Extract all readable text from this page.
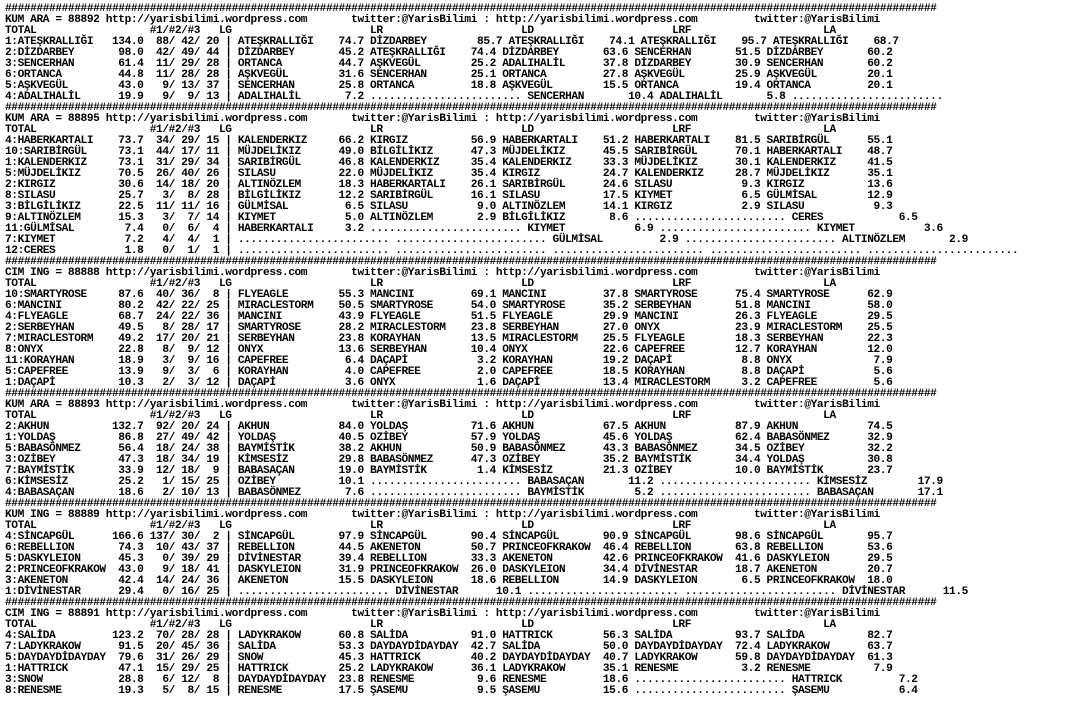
####################################################################################################################################################
KUM ARA = 88892 http://yarisbilimi.wordpress.com       twitter:@YarisBilimi : http://yarisbilimi.wordpress.com         twitter:@YarisBilimi
TOTAL                  #1/#2/#3   LG                      LR                      LD                      LRF                     LA
1:ATEŞKRALLIĞI   134.0  88/ 42/ 20 | ATEŞKRALLIĞI    74.7 DİZDARBEY        85.7 ATEŞKRALLIĞI    74.1 ATEŞKRALLIĞI    95.7 ATEŞKRALLIĞI    68.7
2:DİZDARBEY       98.0  42/ 49/ 44 | DİZDARBEY       45.2 ATEŞKRALLIĞI    74.4 DİZDARBEY       63.6 SENCERHAN       51.5 DİZDARBEY       60.2
3:SENCERHAN       61.4  11/ 29/ 28 | ORTANCA         44.7 AŞKVEGÜL        25.2 ADALIHALİL      37.8 DİZDARBEY       30.9 SENCERHAN       60.2
6:ORTANCA         44.8  11/ 28/ 28 | AŞKVEGÜL        31.6 SENCERHAN       25.1 ORTANCA         27.8 AŞKVEGÜL        25.9 AŞKVEGÜL        20.1
5:AŞKVEGÜL        43.0   9/ 13/ 37 | SENCERHAN       25.8 ORTANCA         18.8 AŞKVEGÜL        15.5 ORTANCA         19.4 ORTANCA         20.1
4:ADALIHALİL      19.9   9/  9/ 13 | ADALIHALİL       7.2 ........................ SENCERHAN       10.4 ADALIHALİL       5.8 ........................
####################################################################################################################################################
KUM ARA = 88895 http://yarisbilimi.wordpress.com       twitter:@YarisBilimi : http://yarisbilimi.wordpress.com         twitter:@YarisBilimi
TOTAL                  #1/#2/#3   LG                      LR                      LD                      LRF                     LA
4:HABERKARTALI    73.7  34/ 29/ 15 | KALENDERKIZ     66.2 KIRGIZ          56.9 HABERKARTALI    51.2 HABERKARTALI    81.5 SARIBİRGÜL      55.1
10:SARIBİRGÜL     73.1  44/ 17/ 11 | MÜJDELİKIZ      49.0 BİLGİLİKIZ      47.3 MÜJDELİKIZ      45.5 SARIBİRGÜL      70.1 HABERKARTALI    48.7
1:KALENDERKIZ     73.1  31/ 29/ 34 | SARIBİRGÜL      46.8 KALENDERKIZ     35.4 KALENDERKIZ     33.3 MÜJDELİKIZ      30.1 KALENDERKIZ     41.5
5:MÜJDELİKIZ      70.5  26/ 40/ 26 | SILASU          22.0 MÜJDELİKIZ      35.4 KIRGIZ          24.7 KALENDERKIZ     28.7 MÜJDELİKIZ      35.1
2:KIRGIZ          30.6  14/ 18/ 20 | ALTINÖZLEM      18.3 HABERKARTALI    26.1 SARIBİRGÜL      24.6 SILASU           9.3 KIRGIZ          13.6
8:SILASU          25.7   3/  8/ 28 | BİLGİLİKIZ      12.2 SARIBİRGÜL      16.1 SILASU          17.5 KIYMET           6.5 GÜLMİSAL        12.9
3:BİLGİLİKIZ      22.5  11/ 11/ 16 | GÜLMİSAL         6.5 SILASU           9.0 ALTINÖZLEM      14.1 KIRGIZ           2.9 SILASU           9.3
9:ALTINÖZLEM      15.3   3/  7/ 14 | KIYMET           5.0 ALTINÖZLEM       2.9 BİLGİLİKIZ       8.6 ........................ CERES            6.5
11:GÜLMİSAL        7.4   0/  6/  4 | HABERKARTALI     3.2 ........................ KIYMET           6.9 ........................ KIYMET           3.6
7:KIYMET           7.2   4/  4/  1 | ........................ ........................ GÜLMİSAL         2.9 ........................ ALTINÖZLEM       2.9
12:CERES           1.8   0/  1/  1 | ........................ ........................ ........................ ........................ ........................
####################################################################################################################################################
CIM ING = 88888 http://yarisbilimi.wordpress.com       twitter:@YarisBilimi : http://yarisbilimi.wordpress.com         twitter:@YarisBilimi
TOTAL                  #1/#2/#3   LG                      LR                      LD                      LRF                     LA
10:SMARTYROSE     87.6  40/ 36/  8 | FLYEAGLE        55.3 MANCINI         69.1 MANCINI         37.8 SMARTYROSE      75.4 SMARTYROSE      62.9
6:MANCINI         80.2  42/ 22/ 25 | MIRACLESTORM    50.5 SMARTYROSE      54.0 SMARTYROSE      35.2 SERBEYHAN       51.8 MANCINI         58.0
4:FLYEAGLE        68.7  24/ 22/ 36 | MANCINI         43.9 FLYEAGLE        51.5 FLYEAGLE        29.9 MANCINI         26.3 FLYEAGLE        29.5
2:SERBEYHAN       49.5   8/ 28/ 17 | SMARTYROSE      28.2 MIRACLESTORM    23.8 SERBEYHAN       27.0 ONYX            23.9 MIRACLESTORM    25.5
7:MIRACLESTORM    49.2  17/ 20/ 21 | SERBEYHAN       23.8 KORAYHAN        13.5 MIRACLESTORM    25.5 FLYEAGLE        18.3 SERBEYHAN       22.3
8:ONYX            22.8   8/  9/ 12 | ONYX            13.6 SERBEYHAN       10.4 ONYX            22.6 CAPEFREE        12.7 KORAYHAN        12.0
11:KORAYHAN       18.9   3/  9/ 16 | CAPEFREE         6.4 DAÇAPİ           3.2 KORAYHAN        19.2 DAÇAPİ           8.8 ONYX             7.9
5:CAPEFREE        13.9   9/  3/  6 | KORAYHAN         4.0 CAPEFREE         2.0 CAPEFREE        18.5 KORAYHAN         8.8 DAÇAPİ           5.6
1:DAÇAPİ          10.3   2/  3/ 12 | DAÇAPİ           3.6 ONYX             1.6 DAÇAPİ          13.4 MIRACLESTORM     3.2 CAPEFREE         5.6
####################################################################################################################################################
KUM ARA = 88893 http://yarisbilimi.wordpress.com       twitter:@YarisBilimi : http://yarisbilimi.wordpress.com         twitter:@YarisBilimi
TOTAL                  #1/#2/#3   LG                      LR                      LD                      LRF                     LA
2:AKHUN          132.7  92/ 20/ 24 | AKHUN           84.0 YOLDAŞ          71.6 AKHUN           67.5 AKHUN           87.9 AKHUN           74.5
1:YOLDAŞ          86.8  27/ 49/ 42 | YOLDAŞ          40.5 OZİBEY          57.9 YOLDAŞ          45.6 YOLDAŞ          62.4 BABASÖNMEZ      32.9
5:BABASÖNMEZ      56.4  18/ 24/ 38 | BAYMİSTİK       38.2 AKHUN           50.9 BABASÖNMEZ      43.3 BABASÖNMEZ      34.5 OZİBEY          32.2
3:OZİBEY          47.3  18/ 34/ 19 | KİMSESİZ        29.8 BABASÖNMEZ      47.3 OZİBEY          35.2 BAYMİSTİK       34.4 YOLDAŞ          30.8
7:BAYMİSTİK       33.9  12/ 18/  9 | BABASAÇAN       19.0 BAYMİSTİK        1.4 KİMSESİZ        21.3 OZİBEY          10.0 BAYMİSTİK       23.7
6:KİMSESİZ        25.2   1/ 15/ 25 | OZİBEY          10.1 ........................ BABASAÇAN       11.2 ........................ KİMSESİZ        17.9
4:BABASAÇAN       18.6   2/ 10/ 13 | BABASÖNMEZ       7.6 ........................ BAYMİSTİK        5.2 ........................ BABASAÇAN       17.1
####################################################################################################################################################
KUM ING = 88889 http://yarisbilimi.wordpress.com       twitter:@YarisBilimi : http://yarisbilimi.wordpress.com         twitter:@YarisBilimi
TOTAL                  #1/#2/#3   LG                      LR                      LD                      LRF                     LA
4:SİNCAPGÜL      166.6 137/ 30/  2 | SİNCAPGÜL       97.9 SİNCAPGÜL       90.4 SİNCAPGÜL       90.9 SİNCAPGÜL       98.6 SİNCAPGÜL       95.7
6:REBELLION       74.3  10/ 43/ 37 | REBELLION       44.5 AKENETON        50.7 PRINCEOFKRAKOW  46.4 REBELLION       63.8 REBELLION       53.6
5:DASKYLEION      45.3   0/ 39/ 29 | DİVİNESTAR      39.4 REBELLION       33.3 AKENETON        42.6 PRINCEOFKRAKOW  41.6 DASKYLEION      29.5
2:PRINCEOFKRAKOW  43.0   9/ 18/ 41 | DASKYLEION      31.9 PRINCEOFKRAKOW  26.0 DASKYLEION      34.4 DİVİNESTAR      18.7 AKENETON        20.7
3:AKENETON        42.4  14/ 24/ 36 | AKENETON        15.5 DASKYLEION      18.6 REBELLION       14.9 DASKYLEION       6.5 PRINCEOFKRAKOW  18.0
1:DİVİNESTAR      29.4   0/ 16/ 25 | ........................ DİVİNESTAR      10.1 ........................ ........................ DİVİNESTAR      11.5
####################################################################################################################################################
CIM ING = 88891 http://yarisbilimi.wordpress.com       twitter:@YarisBilimi : http://yarisbilimi.wordpress.com         twitter:@YarisBilimi
TOTAL                  #1/#2/#3   LG                      LR                      LD                      LRF                     LA
4:SALİDA         123.2  70/ 28/ 28 | LADYKRAKOW      60.8 SALİDA          91.0 HATTRICK        56.3 SALİDA          93.7 SALİDA          82.7
7:LADYKRAKOW      91.5  20/ 45/ 36 | SALİDA          53.3 DAYDAYDİDAYDAY  42.7 SALİDA          50.0 DAYDAYDİDAYDAY  72.4 LADYKRAKOW      63.7
5:DAYDAYDİDAYDAY  79.6  31/ 26/ 29 | SNOW            45.3 HATTRICK        40.2 DAYDAYDİDAYDAY  40.7 LADYKRAKOW      59.8 DAYDAYDİDAYDAY  61.3
1:HATTRICK        47.1  15/ 29/ 25 | HATTRICK        25.2 LADYKRAKOW      36.1 LADYKRAKOW      35.1 RENESME          3.2 RENESME          7.9
3:SNOW            28.8   6/ 12/  8 | DAYDAYDİDAYDAY  23.8 RENESME          9.6 RENESME         18.6 ........................ HATTRICK         7.2
8:RENESME         19.3   5/  8/ 15 | RENESME         17.5 ŞASEMU           9.5 ŞASEMU          15.6 ........................ ŞASEMU           6.4
